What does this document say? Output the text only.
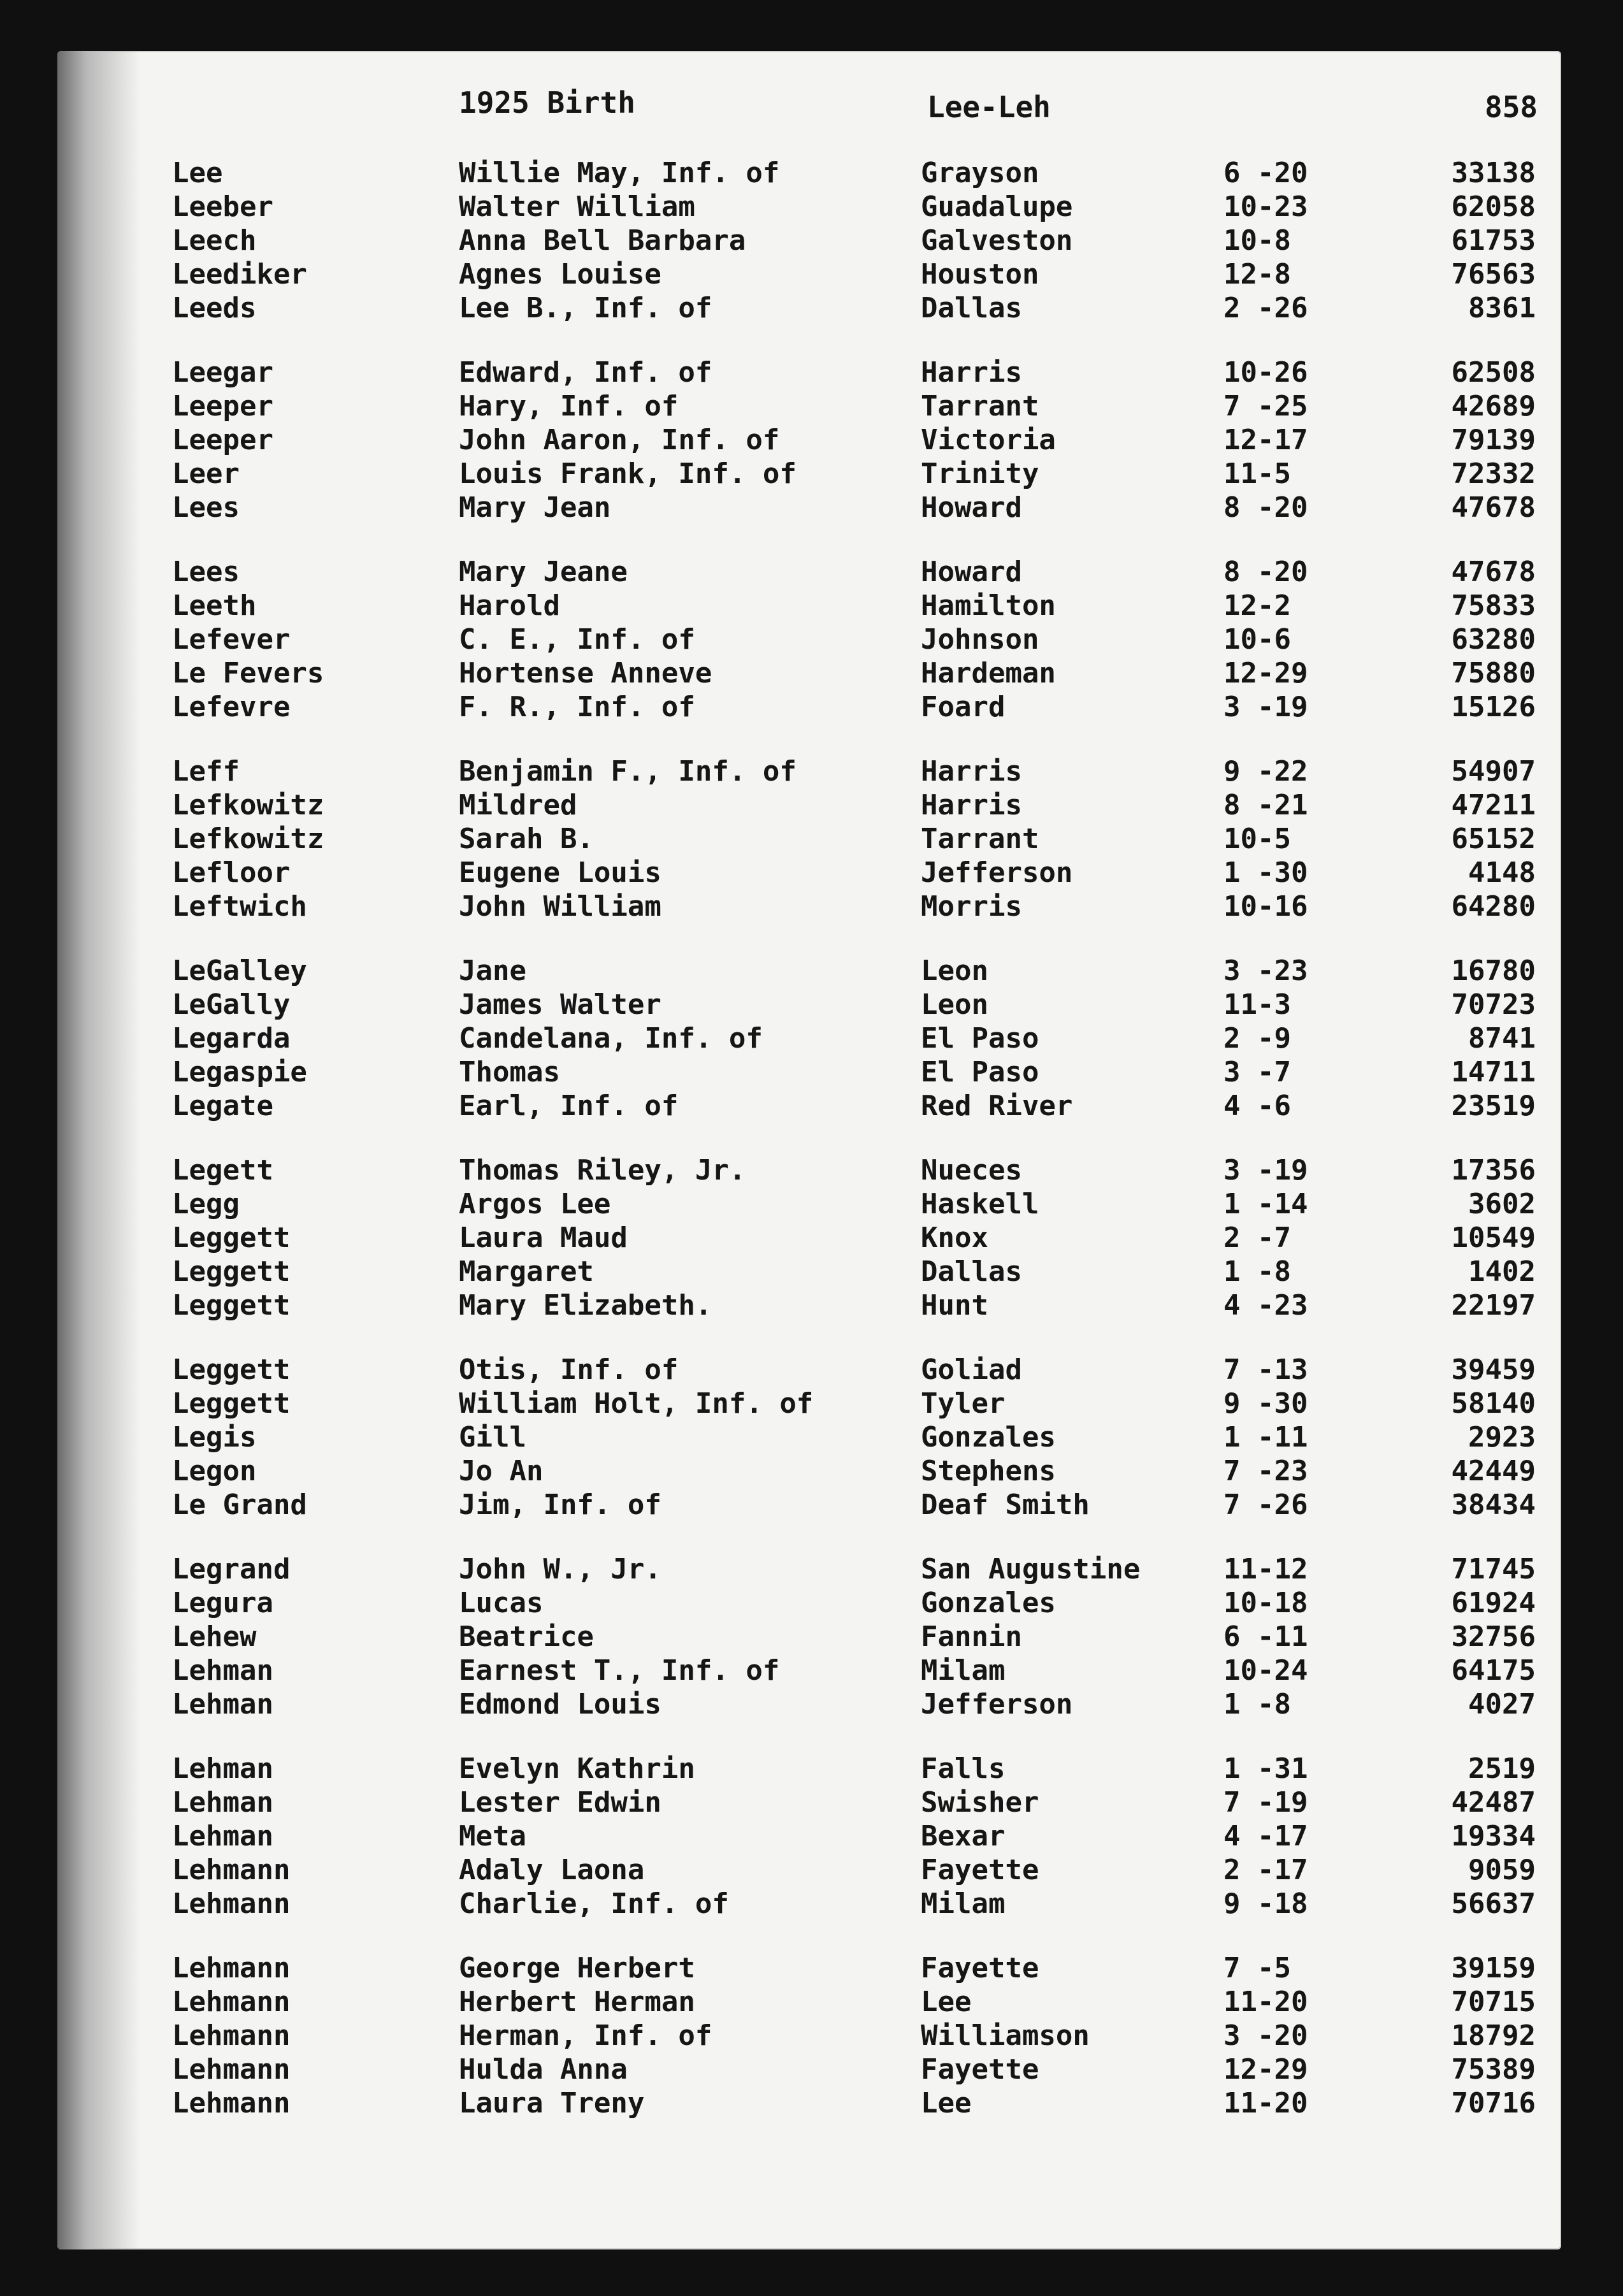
1925 Birth	Lee-Leh	858
Lee	Willie May, Inf. of	Grayson	6 -20	33138
Leeber	Walter William	Guadalupe	10-23	62058
Leech	Anna Bell Barbara	Galveston	10-8	61753
Leediker	Agnes Louise	Houston	12-8	76563
Leeds	Lee B., Inf. of	Dallas	2 -26	8361
Leegar	Edward, Inf. of	Harris	10-26	62508
Leeper	Hary, Inf. of	Tarrant	7 -25	42689
Leeper	John Aaron, Inf. of	Victoria	12-17	79139
Leer	Louis Frank, Inf. of	Trinity	11-5	72332
Lees	Mary Jean	Howard	8 -20	47678
Lees	Mary Jeane	Howard	8 -20	47678
Leeth	Harold	Hamilton	12-2	75833
Lefever	C. E., Inf. of	Johnson	10-6	63280
Le Fevers	Hortense Anneve	Hardeman	12-29	75880
Lefevre	F. R., Inf. of	Foard	3 -19	15126
Leff	Benjamin F., Inf. of	Harris	9 -22	54907
Lefkowitz	Mildred	Harris	8 -21	47211
Lefkowitz	Sarah B.	Tarrant	10-5	65152
Lefloor	Eugene Louis	Jefferson	1 -30	4148
Leftwich	John William	Morris	10-16	64280
LeGalley	Jane	Leon	3 -23	16780
LeGally	James Walter	Leon	11-3	70723
Legarda	Candelana, Inf. of	El Paso	2 -9	8741
Legaspie	Thomas	El Paso	3 -7	14711
Legate	Earl, Inf. of	Red River	4 -6	23519
Legett	Thomas Riley, Jr.	Nueces	3 -19	17356
Legg	Argos Lee	Haskell	1 -14	3602
Leggett	Laura Maud	Knox	2 -7	10549
Leggett	Margaret	Dallas	1 -8	1402
Leggett	Mary Elizabeth.	Hunt	4 -23	22197
Leggett	Otis, Inf. of	Goliad	7 -13	39459
Leggett	William Holt, Inf. of	Tyler	9 -30	58140
Legis	Gill	Gonzales	1 -11	2923
Legon	Jo An	Stephens	7 -23	42449
Le Grand	Jim, Inf. of	Deaf Smith	7 -26	38434
Legrand	John W., Jr.	San Augustine	11-12	71745
Legura	Lucas	Gonzales	10-18	61924
Lehew	Beatrice	Fannin	6 -11	32756
Lehman	Earnest T., Inf. of	Milam	10-24	64175
Lehman	Edmond Louis	Jefferson	1 -8	4027
Lehman	Evelyn Kathrin	Falls	1 -31	2519
Lehman	Lester Edwin	Swisher	7 -19	42487
Lehman	Meta	Bexar	4 -17	19334
Lehmann	Adaly Laona	Fayette	2 -17	9059
Lehmann	Charlie, Inf. of	Milam	9 -18	56637
Lehmann	George Herbert	Fayette	7 -5	39159
Lehmann	Herbert Herman	Lee	11-20	70715
Lehmann	Herman, Inf. of	Williamson	3 -20	18792
Lehmann	Hulda Anna	Fayette	12-29	75389
Lehmann	Laura Treny	Lee	11-20	70716
